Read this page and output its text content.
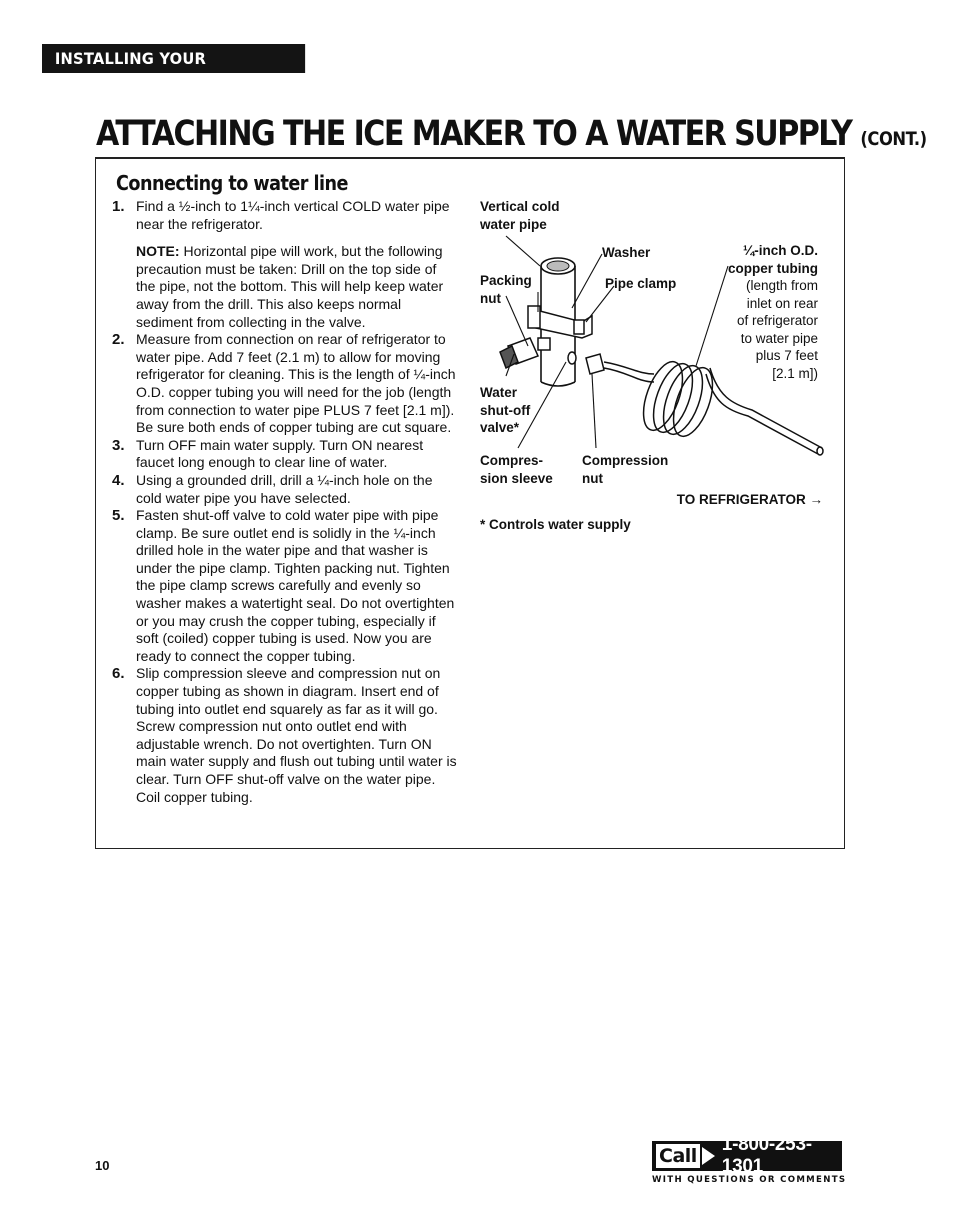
INSTALLING YOUR REFRIGERATOR
ATTACHING THE ICE MAKER TO A WATER SUPPLY (CONT.)
Connecting to water line
1. Find a ½-inch to 1¼-inch vertical COLD water pipe near the refrigerator.

NOTE: Horizontal pipe will work, but the following precaution must be taken: Drill on the top side of the pipe, not the bottom. This will help keep water away from the drill. This also keeps normal sediment from collecting in the valve.

2. Measure from connection on rear of refrigerator to water pipe. Add 7 feet (2.1 m) to allow for moving refrigerator for cleaning. This is the length of ¼-inch O.D. copper tubing you will need for the job (length from connection to water pipe PLUS 7 feet [2.1 m]). Be sure both ends of copper tubing are cut square.

3. Turn OFF main water supply. Turn ON nearest faucet long enough to clear line of water.

4. Using a grounded drill, drill a ¼-inch hole on the cold water pipe you have selected.

5. Fasten shut-off valve to cold water pipe with pipe clamp. Be sure outlet end is solidly in the ¼-inch drilled hole in the water pipe and that washer is under the pipe clamp. Tighten packing nut. Tighten the pipe clamp screws carefully and evenly so washer makes a watertight seal. Do not overtighten or you may crush the copper tubing, especially if soft (coiled) copper tubing is used. Now you are ready to connect the copper tubing.

6. Slip compression sleeve and compression nut on copper tubing as shown in diagram. Insert end of tubing into outlet end squarely as far as it will go. Screw compression nut onto outlet end with adjustable wrench. Do not overtighten. Turn ON main water supply and flush out tubing until water is clear. Turn OFF shut-off valve on the water pipe. Coil copper tubing.

Vertical cold
water pipe
Washer
Packing
nut
Pipe clamp
¼-inch O.D.
copper tubing
(length from
inlet on rear
of refrigerator
to water pipe
plus 7 feet
[2.1 m])
Water
shut-off
valve*
Compres-
sion sleeve
Compression
nut
TO REFRIGERATOR →
* Controls water supply
10	Call
1-800-253-1301
WITH QUESTIONS OR COMMENTS
